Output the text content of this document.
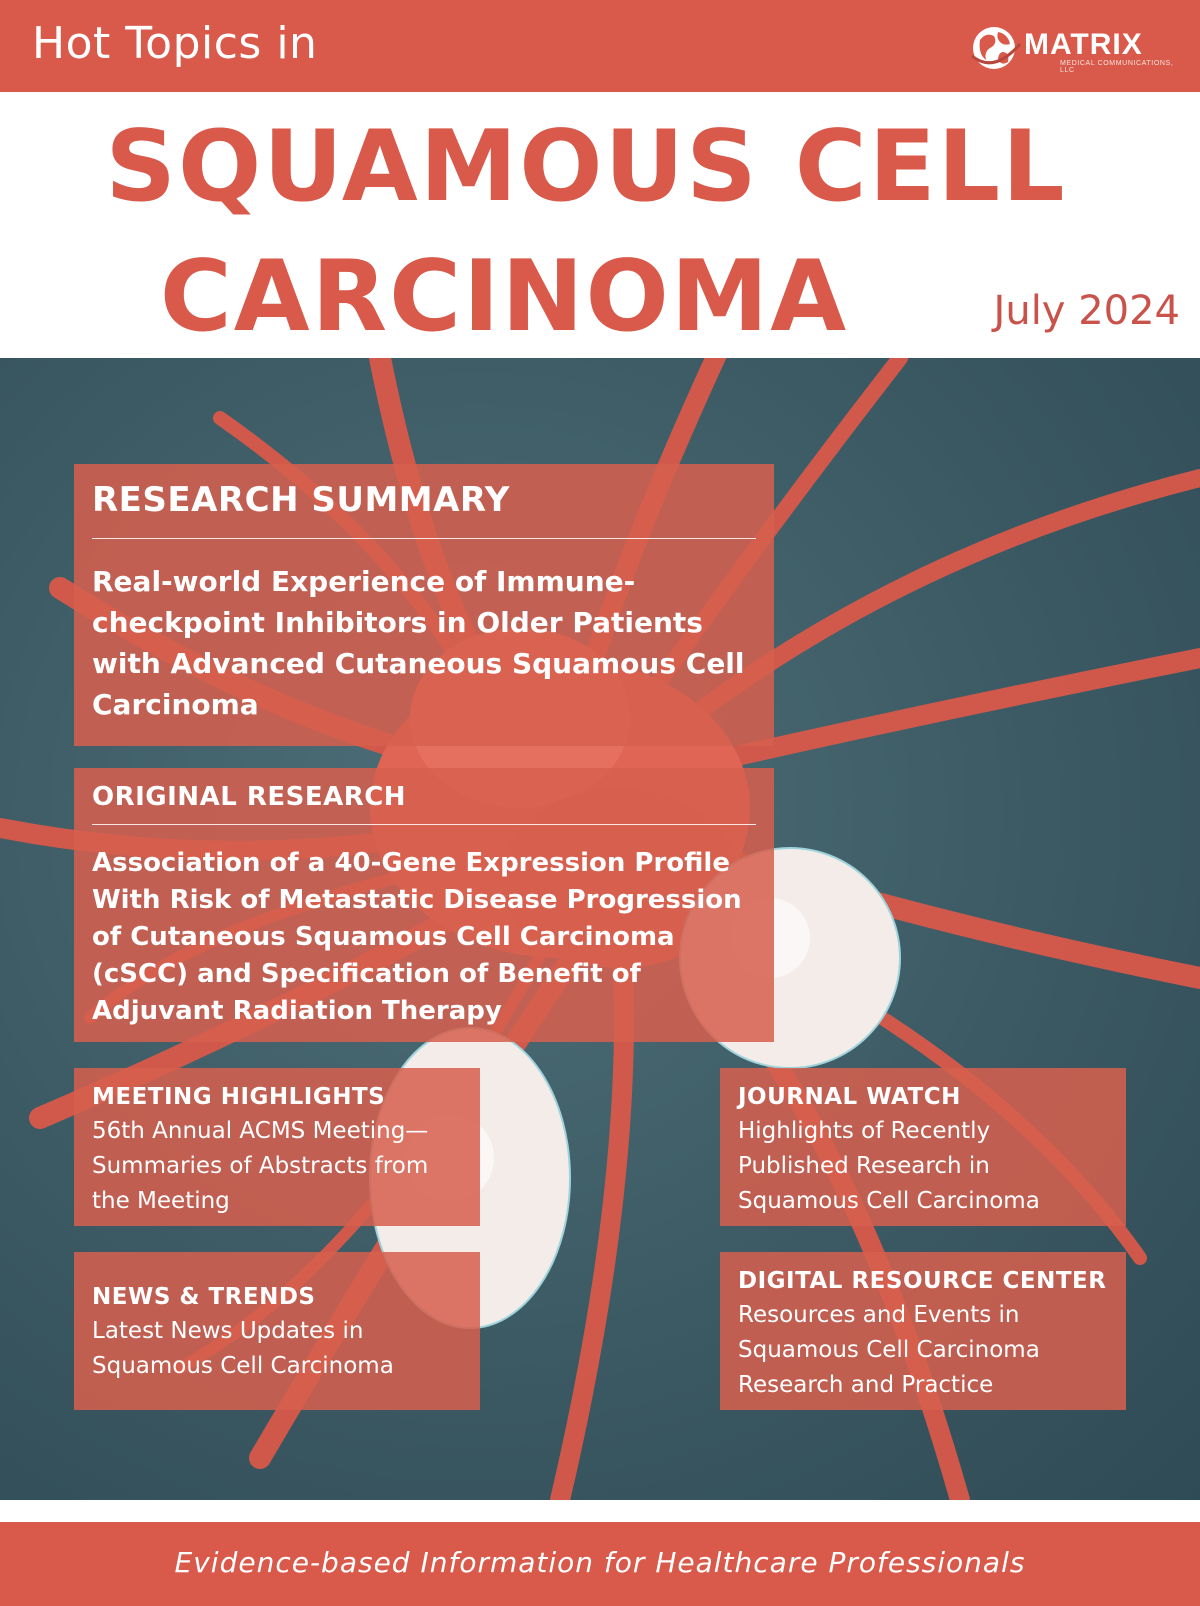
Hot Topics in	MATRIX
MEDICAL COMMUNICATIONS, LLC
SQUAMOUS CELL
CARCINOMA	July 2024
RESEARCH SUMMARY
Real-world Experience of Immune-checkpoint Inhibitors in Older Patients with Advanced Cutaneous Squamous Cell Carcinoma
ORIGINAL RESEARCH
Association of a 40-Gene Expression Profile With Risk of Metastatic Disease Progression of Cutaneous Squamous Cell Carcinoma (cSCC) and Specification of Benefit of Adjuvant Radiation Therapy
MEETING HIGHLIGHTS
56th Annual ACMS Meeting—Summaries of Abstracts from the Meeting
JOURNAL WATCH
Highlights of Recently Published Research in Squamous Cell Carcinoma
NEWS & TRENDS
Latest News Updates in Squamous Cell Carcinoma
DIGITAL RESOURCE CENTER
Resources and Events in Squamous Cell Carcinoma Research and Practice
Evidence-based Information for Healthcare Professionals
